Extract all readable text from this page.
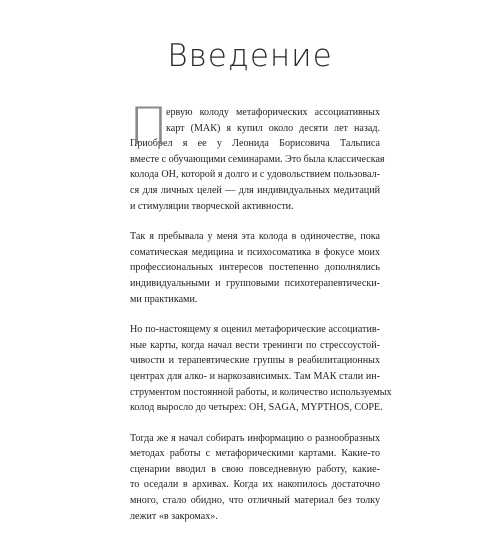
Введение
П
ервую колоду метафорических ассоциативных
карт (МАК) я купил около десяти лет назад.
Приобрел я ее у Леонида Борисовича Тальписа
вместе с обучающими семинарами. Это была классическая
колода ОН, которой я долго и с удовольствием пользовал-
ся для личных целей — для индивидуальных медитаций
и стимуляции творческой активности.
Так я пребывала у меня эта колода в одиночестве, пока
соматическая медицина и психосоматика в фокусе моих
профессиональных интересов постепенно дополнялись
индивидуальными и групповыми психотерапевтически-
ми практиками.
Но по-настоящему я оценил метафорические ассоциатив-
ные карты, когда начал вести тренинги по стрессоустой-
чивости и терапевтические группы в реабилитационных
центрах для алко- и наркозависимых. Там МАК стали ин-
струментом постоянной работы, и количество используемых
колод выросло до четырех: ОН, SAGA, MYPTHOS, COPE.
Тогда же я начал собирать информацию о разнообразных
методах работы с метафорическими картами. Какие-то
сценарии вводил в свою повседневную работу, какие-
то оседали в архивах. Когда их накопилось достаточно
много, стало обидно, что отличный материал без толку
лежит «в закромах».
